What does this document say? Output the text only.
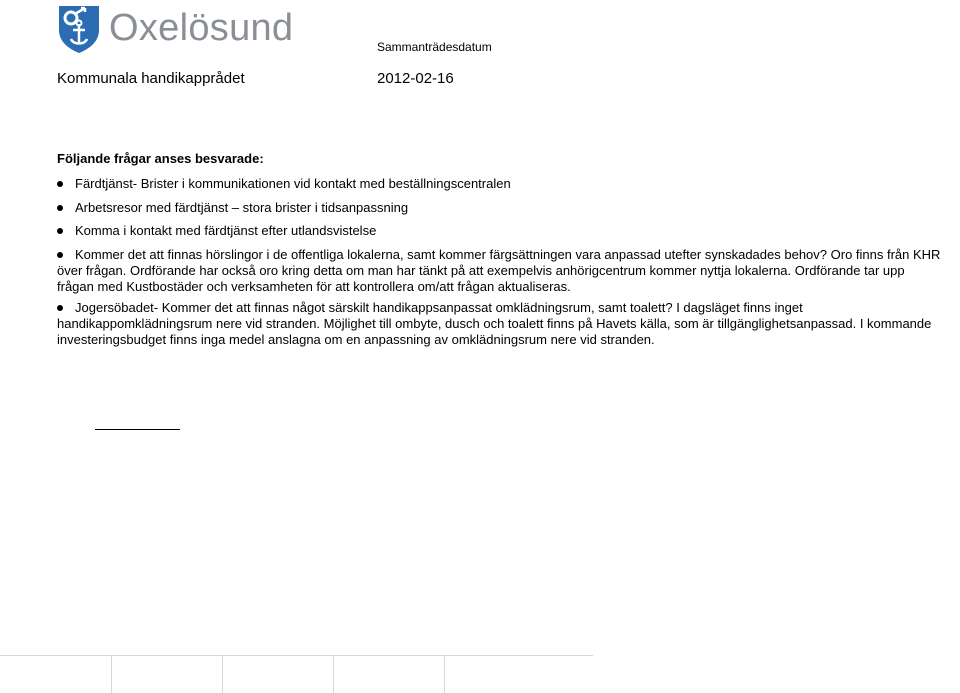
Oxelösund	Sammanträdesdatum
Kommunala handikapprådet	2012-02-16
Följande frågar anses besvarade:
Färdtjänst- Brister i kommunikationen vid kontakt med beställningscentralen
Arbetsresor med färdtjänst – stora brister i tidsanpassning
Komma i kontakt med färdtjänst efter utlandsvistelse
Kommer det att finnas hörslingor i de offentliga lokalerna, samt kommer färgsättningen vara anpassad utefter synskadades behov? Oro finns från KHR
över frågan. Ordförande har också oro kring detta om man har tänkt på att exempelvis anhörigcentrum kommer nyttja lokalerna. Ordförande tar upp
frågan med Kustbostäder och verksamheten för att kontrollera om/att frågan aktualiseras.
Jogersöbadet- Kommer det att finnas något särskilt handikappsanpassat omklädningsrum, samt toalett? I dagsläget finns inget
handikappomklädningsrum nere vid stranden. Möjlighet till ombyte, dusch och toalett finns på Havets källa, som är tillgänglighetsanpassad. I kommande
investeringsbudget finns inga medel anslagna om en anpassning av omklädningsrum nere vid stranden.
